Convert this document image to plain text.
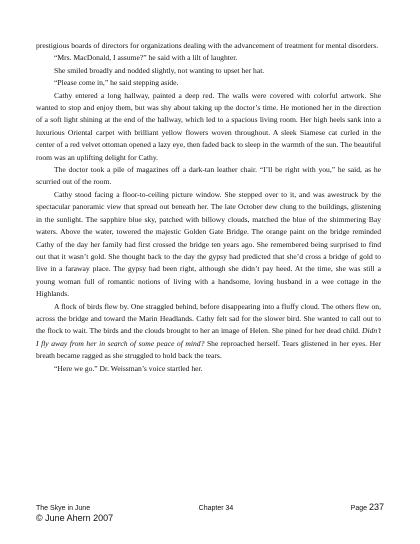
prestigious boards of directors for organizations dealing with the advancement of treatment for mental disorders.

“Mrs. MacDonald, I assume?” he said with a lilt of laughter.

She smiled broadly and nodded slightly, not wanting to upset her hat.

“Please come in,” he said stepping aside.

Cathy entered a long hallway, painted a deep red. The walls were covered with colorful artwork. She wanted to stop and enjoy them, but was shy about taking up the doctor’s time. He motioned her in the direction of a soft light shining at the end of the hallway, which led to a spacious living room. Her high heels sank into a luxurious Oriental carpet with brilliant yellow flowers woven throughout. A sleek Siamese cat curled in the center of a red velvet ottoman opened a lazy eye, then faded back to sleep in the warmth of the sun. The beautiful room was an uplifting delight for Cathy.

The doctor took a pile of magazines off a dark-tan leather chair. “I’ll be right with you,” he said, as he scurried out of the room.

Cathy stood facing a floor-to-ceiling picture window. She stepped over to it, and was awestruck by the spectacular panoramic view that spread out beneath her. The late October dew clung to the buildings, glistening in the sunlight. The sapphire blue sky, patched with billowy clouds, matched the blue of the shimmering Bay waters. Above the water, towered the majestic Golden Gate Bridge. The orange paint on the bridge reminded Cathy of the day her family had first crossed the bridge ten years ago. She remembered being surprised to find out that it wasn’t gold. She thought back to the day the gypsy had predicted that she’d cross a bridge of gold to live in a faraway place. The gypsy had been right, although she didn’t pay heed. At the time, she was still a young woman full of romantic notions of living with a handsome, loving husband in a wee cottage in the Highlands.

A flock of birds flew by. One straggled behind, before disappearing into a fluffy cloud. The others flew on, across the bridge and toward the Marin Headlands. Cathy felt sad for the slower bird. She wanted to call out to the flock to wait. The birds and the clouds brought to her an image of Helen. She pined for her dead child. Didn’t I fly away from her in search of some peace of mind? She reproached herself. Tears glistened in her eyes. Her breath became ragged as she struggled to hold back the tears.

“Here we go.” Dr. Weissman’s voice startled her.

The Skye in June	Chapter 34	Page 237
© June Ahern 2007
